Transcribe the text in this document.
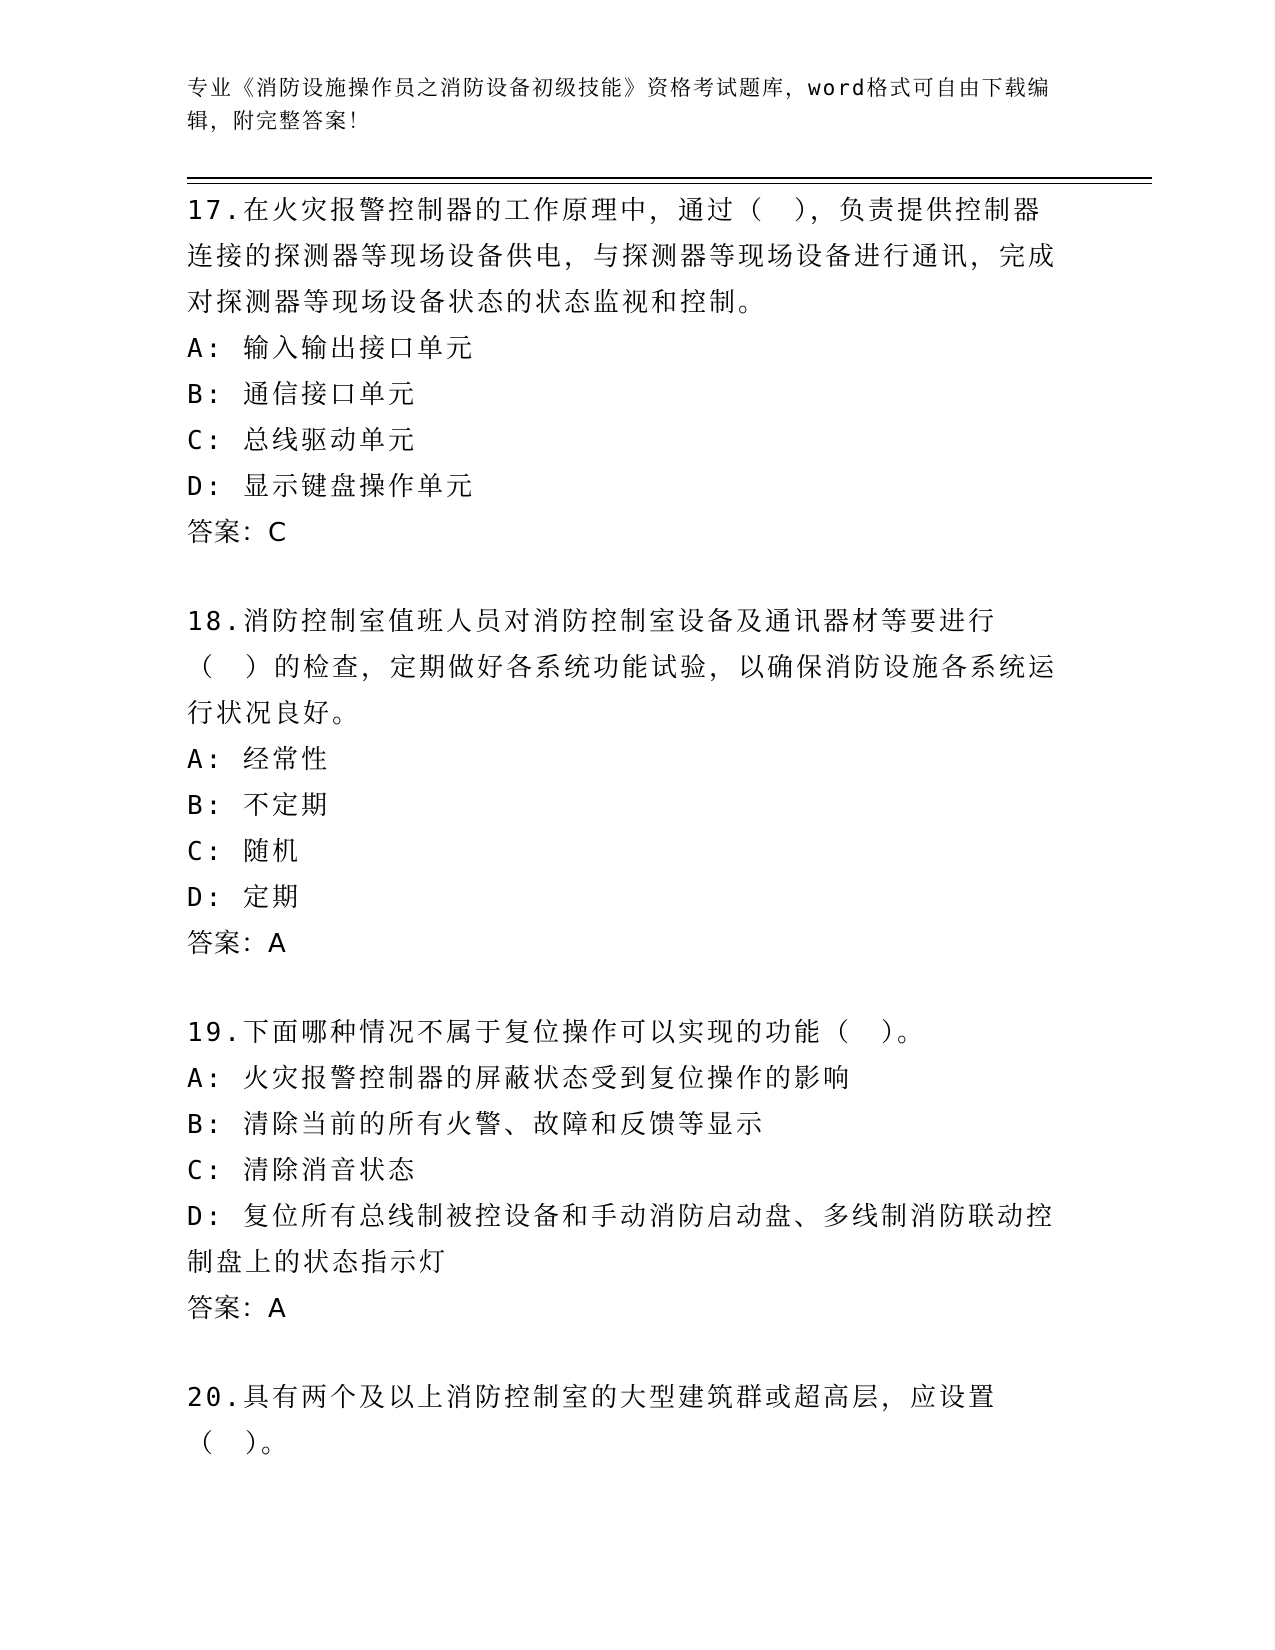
专业《消防设施操作员之消防设备初级技能》资格考试题库，word格式可自由下载编辑，附完整答案！
17.在火灾报警控制器的工作原理中，通过（　），负责提供控制器连接的探测器等现场设备供电，与探测器等现场设备进行通讯，完成对探测器等现场设备状态的状态监视和控制。
A: 输入输出接口单元
B: 通信接口单元
C: 总线驱动单元
D: 显示键盘操作单元
答案：C
18.消防控制室值班人员对消防控制室设备及通讯器材等要进行（　）的检查，定期做好各系统功能试验，以确保消防设施各系统运行状况良好。
A: 经常性
B: 不定期
C: 随机
D: 定期
答案：A
19.下面哪种情况不属于复位操作可以实现的功能（　）。
A: 火灾报警控制器的屏蔽状态受到复位操作的影响
B: 清除当前的所有火警、故障和反馈等显示
C: 清除消音状态
D: 复位所有总线制被控设备和手动消防启动盘、多线制消防联动控制盘上的状态指示灯
答案：A
20.具有两个及以上消防控制室的大型建筑群或超高层，应设置（　）。
